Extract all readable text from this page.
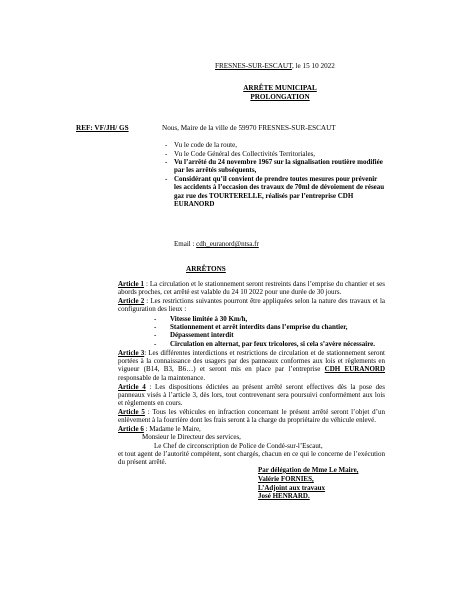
FRESNES-SUR-ESCAUT, le 15 10 2022
ARRÊTE MUNICIPAL
PROLONGATION
REF: VF/JH/ GS	Nous, Maire de la ville de 59970 FRESNES-SUR-ESCAUT
- Vu le code de la route,
- Vu le Code Général des Collectivités Territoriales,
- Vu l’arrêté du 24 novembre 1967 sur la signalisation routière modifiée par les arrêtés subséquents,
- Considérant qu’il convient de prendre toutes mesures pour prévenir les accidents à l’occasion des travaux de 70ml de dévoiement de réseau gaz rue des TOURTERELLE, réalisés par l’entreprise CDH EURANORD
Email : cdh_euranord@ntsa.fr
ARRÊTONS

Article 1 : La circulation et le stationnement seront restreints dans l’emprise du chantier et ses abords proches, cet arrêté est valable du 24 10 2022 pour une durée de 30 jours.

Article 2 : Les restrictions suivantes pourront être appliquées selon la nature des travaux et la configuration des lieux :

- Vitesse limitée à 30 Km/h,
- Stationnement et arrêt interdits dans l’emprise du chantier,
- Dépassement interdit
- Circulation en alternat, par feux tricolores, si cela s’avère nécessaire.

Article 3: Les différentes interdictions et restrictions de circulation et de stationnement seront portées à la connaissance des usagers par des panneaux conformes aux lois et règlements en vigueur (B14, B3, B6…) et seront mis en place par l’entreprise CDH EURANORD responsable de la maintenance.

Article 4 : Les dispositions édictées au présent arrêté seront effectives dès la pose des panneaux visés à l’article 3, dès lors, tout contrevenant sera poursuivi conformément aux lois et règlements en cours.

Article 5 : Tous les véhicules en infraction concernant le présent arrêté seront l’objet d’un enlèvement à la fourrière dont les frais seront à la charge du propriétaire du véhicule enlevé.

Article 6 : Madame le Maire,

Monsieur le Directeur des services,
Le Chef de circonscription de Police de Condé-sur-l’Escaut,
et tout agent de l’autorité compétent, sont chargés, chacun en ce qui le concerne de l’exécution du présent arrêté.
Par délégation de Mme Le Maire,
Valérie FORNIES,
L’Adjoint aux travaux
José HENRARD.
